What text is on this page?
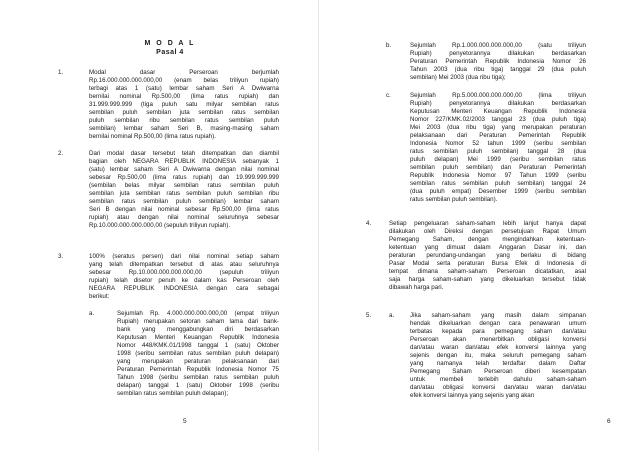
M O D A L
Pasal 4
1.	Modal dasar Perseroan berjumlah
Rp.16.000.000.000.000,00 (enam belas triliyun rupiah)
terbagi atas 1 (satu) lembar saham Seri A Dwiwarna
bernilai nominal Rp.500,00 (lima ratus rupiah) dan
31.999.999.999 (tiga puluh satu milyar sembilan ratus
sembilan puluh sembilan juta sembilan ratus sembilan
puluh sembilan ribu sembilan ratus sembilan puluh
sembilan) lembar saham Seri B, masing-masing saham
bernilai nominal Rp.500,00 (lima ratus rupiah).
2.	Dari modal dasar tersebut telah ditempatkan dan diambil
bagian oleh NEGARA REPUBLIK INDONESIA sebanyak 1
(satu) lembar saham Seri A Dwiwarna dengan nilai nominal
sebesar Rp.500,00 (lima ratus rupiah) dan 19.999.999.999
(sembilan belas milyar sembilan ratus sembilan puluh
sembilan juta sembilan ratus sembilan puluh sembilan ribu
sembilan ratus sembilan puluh sembilan) lembar saham
Seri B dengan nilai nominal sebesar Rp.500,00 (lima ratus
rupiah) atau dengan nilai nominal seluruhnya sebesar
Rp.10.000.000.000.000,00 (sepuluh triliyun rupiah).
3.	100% (seratus persen) dari nilai nominal setiap saham
yang telah ditempatkan tersebut di atas atau seluruhnya
sebesar Rp.10.000.000.000.000,00 (sepuluh triliyun
rupiah) telah disetor penuh ke dalam kas Perseroan oleh
NEGARA REPUBLIK INDONESIA dengan cara sebagai
berikut:
a.	Sejumlah Rp. 4.000.000.000.000,00 (empat triliyun
Rupiah) merupakan setoran saham lama dari bank-
bank yang menggabungkan diri berdasarkan
Keputusan Menteri Keuangan Republik Indonesia
Nomor 448/KMK.01/1998 tanggal 1 (satu) Oktober
1998 (seribu sembilan ratus sembilan puluh delapan)
yang merupakan peraturan pelaksanaan dari
Peraturan Pemerintah Republik Indonesia Nomor 75
Tahun 1998 (seribu sembilan ratus sembilan puluh
delapan) tanggal 1 (satu) Oktober 1998 (seribu
sembilan ratus sembilan puluh delapan);
5
b.	Sejumlah Rp.1.000.000.000.000,00 (satu triliyun
Rupiah) penyetorannya dilakukan berdasarkan
Peraturan Pemerintah Republik Indonesia Nomor 26
Tahun 2003 (dua ribu tiga) tanggal 29 (dua puluh
sembilan) Mei 2003 (dua ribu tiga);
c.	Sejumlah Rp.5.000.000.000.000,00 (lima triliyun
Rupiah) penyetorannya dilakukan berdasarkan
Keputusan Menteri Keuangan Republik Indonesia
Nomor 227/KMK.02/2003 tanggal 23 (dua puluh tiga)
Mei 2003 (dua ribu tiga) yang merupakan peraturan
pelaksanaan dari Peraturan Pemerintah Republik
Indonesia Nomor 52 tahun 1999 (seribu sembilan
ratus sembilan puluh sembilan) tanggal 28 (dua
puluh delapan) Mei 1999 (seribu sembilan ratus
sembilan puluh sembilan) dan Peraturan Pemerintah
Republik Indonesia Nomor 97 Tahun 1999 (seribu
sembilan ratus sembilan puluh sembilan) tanggal 24
(dua puluh empat) Desember 1999 (seribu sembilan
ratus sembilan puluh sembilan).
4.	Setiap pengeluaran saham-saham lebih lanjut hanya dapat
dilakukan oleh Direksi dengan persetujuan Rapat Umum
Pemegang Saham, dengan mengindahkan ketentuan-
ketentuan yang dimuat dalam Anggaran Dasar ini, dan
peraturan perundang-undangan yang berlaku di bidang
Pasar Modal serta peraturan Bursa Efek di Indonesia di
tempat dimana saham-saham Perseroan dicatatkan, asal
saja harga saham-saham yang dikeluarkan tersebut tidak
dibawah harga pari.
5.	a.	Jika saham-saham yang masih dalam simpanan
hendak dikeluarkan dengan cara penawaran umum
terbatas kepada para pemegang saham dan/atau
Perseroan akan menerbitkan obligasi konversi
dan/atau waran dan/atau efek konversi lainnya yang
sejenis dengan itu, maka seluruh pemegang saham
yang namanya telah terdaftar dalam Daftar
Pemegang Saham Perseroan diberi kesempatan
untuk membeli terlebih dahulu saham-saham
dan/atau obligasi konversi dan/atau waran dan/atau
efek konversi lainnya yang sejenis yang akan
6
